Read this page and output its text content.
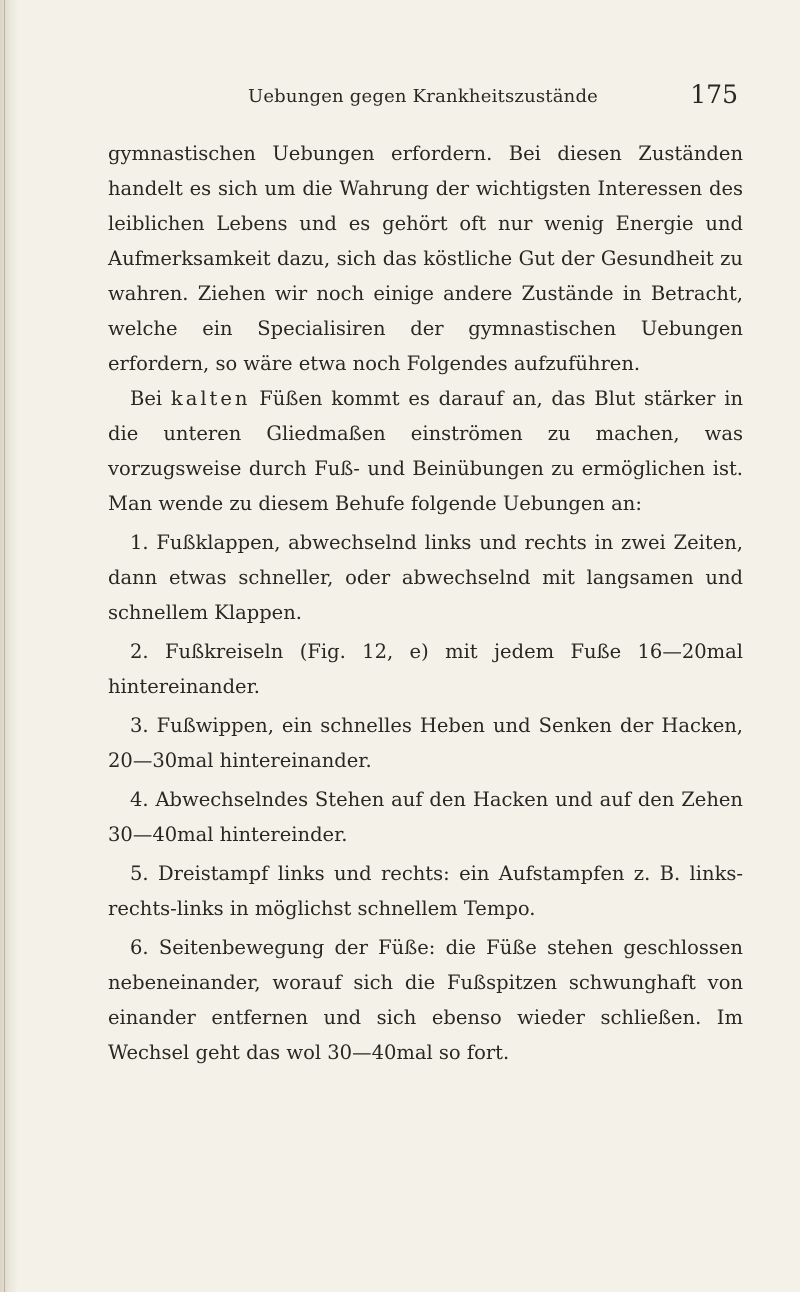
Uebungen gegen Krankheitszustände	175

gymnastischen Uebungen erfordern. Bei diesen Zuständen handelt es sich um die Wahrung der wichtigsten Interessen des leiblichen Lebens und es gehört oft nur wenig Energie und Aufmerksamkeit dazu, sich das köstliche Gut der Gesundheit zu wahren. Ziehen wir noch einige andere Zustände in Betracht, welche ein Specialisiren der gymnastischen Uebungen erfordern, so wäre etwa noch Folgendes aufzuführen.

Bei kalten Füßen kommt es darauf an, das Blut stärker in die unteren Gliedmaßen einströmen zu machen, was vorzugsweise durch Fuß- und Beinübungen zu ermöglichen ist. Man wende zu diesem Behufe folgende Uebungen an:

1. Fußklappen, abwechselnd links und rechts in zwei Zeiten, dann etwas schneller, oder abwechselnd mit langsamen und schnellem Klappen.

2. Fußkreiseln (Fig. 12, e) mit jedem Fuße 16—20mal hintereinander.

3. Fußwippen, ein schnelles Heben und Senken der Hacken, 20—30mal hintereinander.

4. Abwechselndes Stehen auf den Hacken und auf den Zehen 30—40mal hintereinder.

5. Dreistampf links und rechts: ein Aufstampfen z. B. links-rechts-links in möglichst schnellem Tempo.

6. Seitenbewegung der Füße: die Füße stehen geschlossen nebeneinander, worauf sich die Fußspitzen schwunghaft von einander entfernen und sich ebenso wieder schließen. Im Wechsel geht das wol 30—40mal so fort.
